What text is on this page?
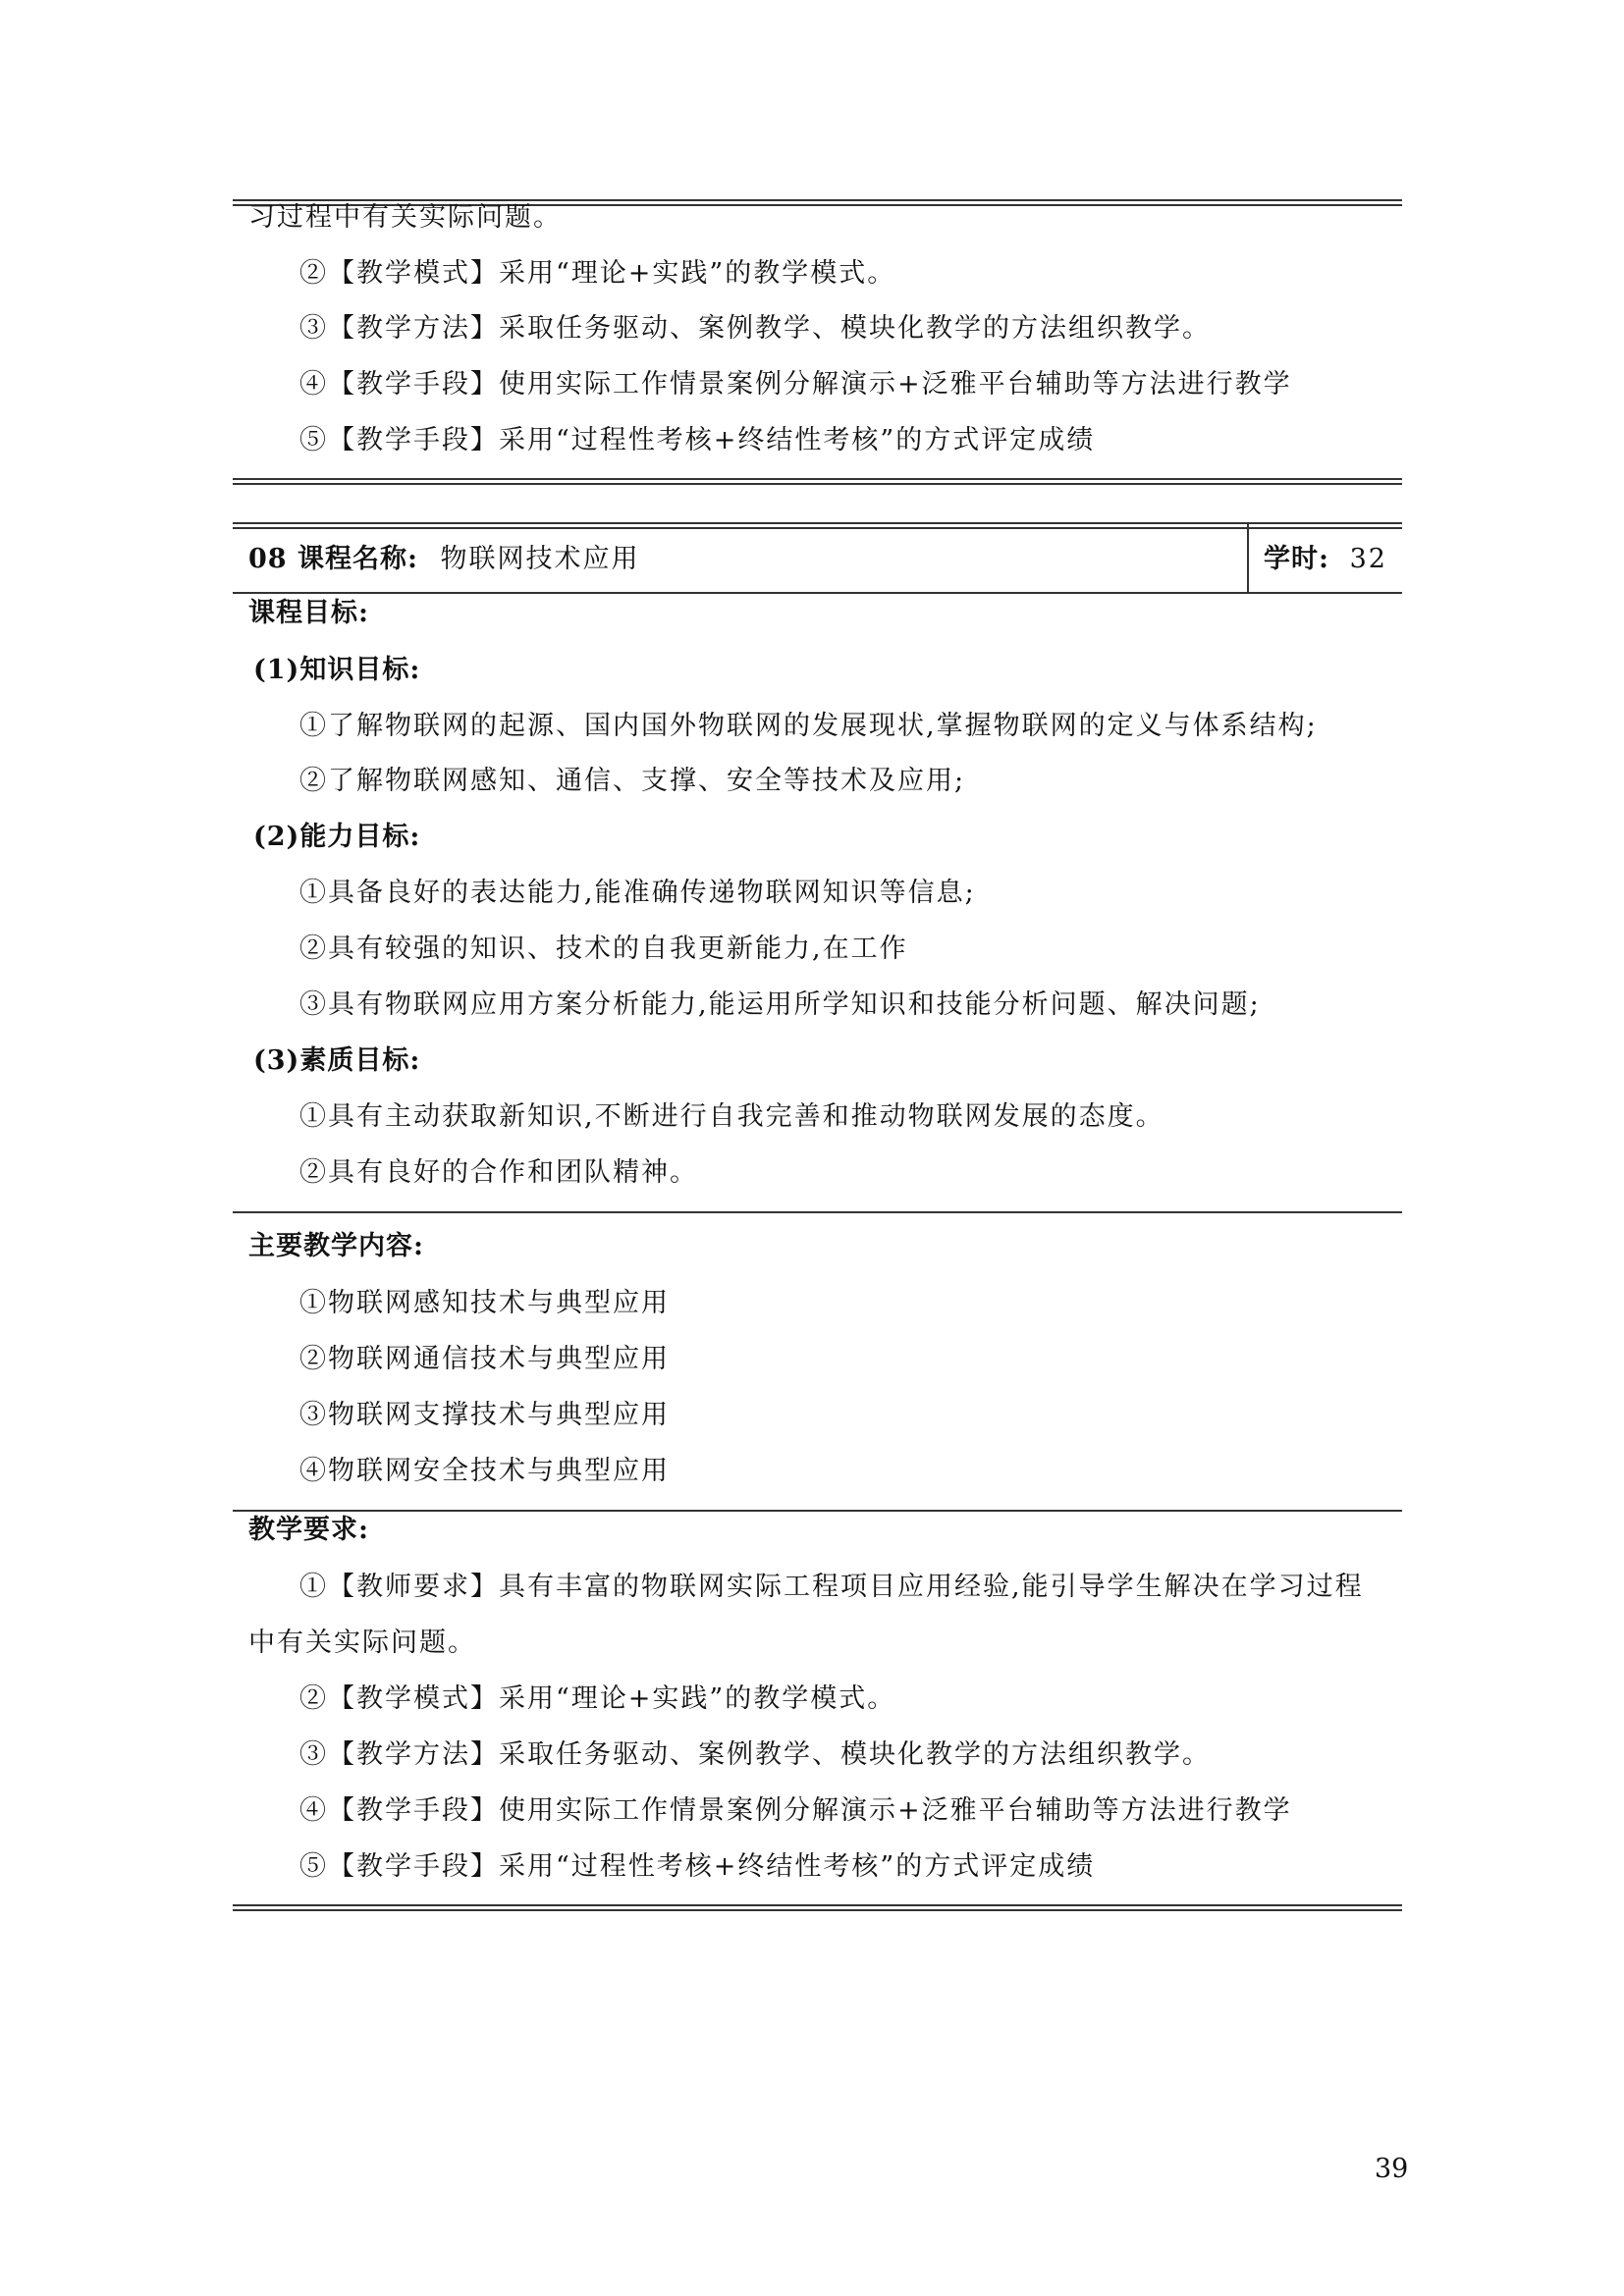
习过程中有关实际问题。
②【教学模式】采用“理论+实践”的教学模式。
③【教学方法】采取任务驱动、案例教学、模块化教学的方法组织教学。
④【教学手段】使用实际工作情景案例分解演示+泛雅平台辅助等方法进行教学
⑤【教学手段】采用“过程性考核+终结性考核”的方式评定成绩
08 课程名称: 物联网技术应用	学时: 32
课程目标:
(1)知识目标:
①了解物联网的起源、国内国外物联网的发展现状,掌握物联网的定义与体系结构;
②了解物联网感知、通信、支撑、安全等技术及应用;
(2)能力目标:
①具备良好的表达能力,能准确传递物联网知识等信息;
②具有较强的知识、技术的自我更新能力,在工作
③具有物联网应用方案分析能力,能运用所学知识和技能分析问题、解决问题;
(3)素质目标:
①具有主动获取新知识,不断进行自我完善和推动物联网发展的态度。
②具有良好的合作和团队精神。
主要教学内容:
①物联网感知技术与典型应用
②物联网通信技术与典型应用
③物联网支撑技术与典型应用
④物联网安全技术与典型应用
教学要求:
①【教师要求】具有丰富的物联网实际工程项目应用经验,能引导学生解决在学习过程
中有关实际问题。
②【教学模式】采用“理论+实践”的教学模式。
③【教学方法】采取任务驱动、案例教学、模块化教学的方法组织教学。
④【教学手段】使用实际工作情景案例分解演示+泛雅平台辅助等方法进行教学
⑤【教学手段】采用“过程性考核+终结性考核”的方式评定成绩
39
